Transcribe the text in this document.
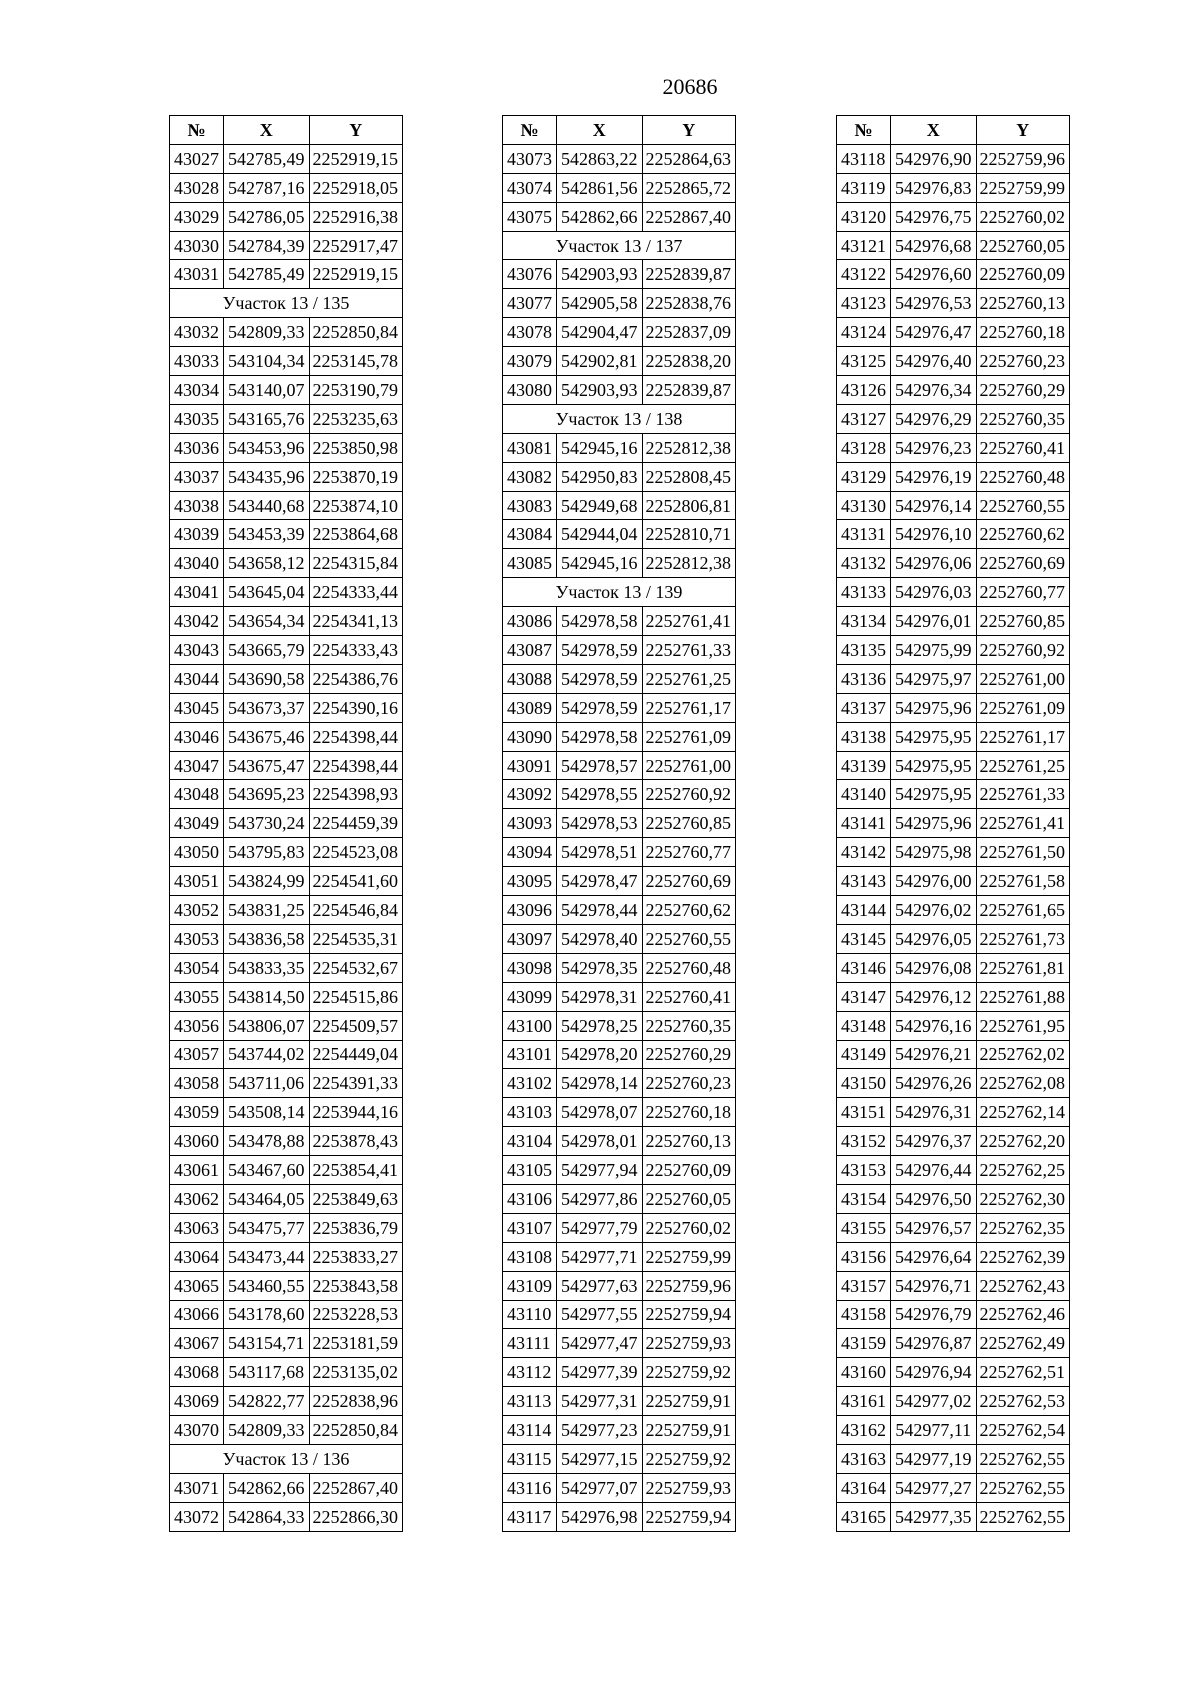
20686
№	X	Y
43027	542785,49	2252919,15
43028	542787,16	2252918,05
43029	542786,05	2252916,38
43030	542784,39	2252917,47
43031	542785,49	2252919,15
Участок 13 / 135		
43032	542809,33	2252850,84
43033	543104,34	2253145,78
43034	543140,07	2253190,79
43035	543165,76	2253235,63
43036	543453,96	2253850,98
43037	543435,96	2253870,19
43038	543440,68	2253874,10
43039	543453,39	2253864,68
43040	543658,12	2254315,84
43041	543645,04	2254333,44
43042	543654,34	2254341,13
43043	543665,79	2254333,43
43044	543690,58	2254386,76
43045	543673,37	2254390,16
43046	543675,46	2254398,44
43047	543675,47	2254398,44
43048	543695,23	2254398,93
43049	543730,24	2254459,39
43050	543795,83	2254523,08
43051	543824,99	2254541,60
43052	543831,25	2254546,84
43053	543836,58	2254535,31
43054	543833,35	2254532,67
43055	543814,50	2254515,86
43056	543806,07	2254509,57
43057	543744,02	2254449,04
43058	543711,06	2254391,33
43059	543508,14	2253944,16
43060	543478,88	2253878,43
43061	543467,60	2253854,41
43062	543464,05	2253849,63
43063	543475,77	2253836,79
43064	543473,44	2253833,27
43065	543460,55	2253843,58
43066	543178,60	2253228,53
43067	543154,71	2253181,59
43068	543117,68	2253135,02
43069	542822,77	2252838,96
43070	542809,33	2252850,84
Участок 13 / 136		
43071	542862,66	2252867,40
43072	542864,33	2252866,30
№	X	Y
43073	542863,22	2252864,63
43074	542861,56	2252865,72
43075	542862,66	2252867,40
Участок 13 / 137		
43076	542903,93	2252839,87
43077	542905,58	2252838,76
43078	542904,47	2252837,09
43079	542902,81	2252838,20
43080	542903,93	2252839,87
Участок 13 / 138		
43081	542945,16	2252812,38
43082	542950,83	2252808,45
43083	542949,68	2252806,81
43084	542944,04	2252810,71
43085	542945,16	2252812,38
Участок 13 / 139		
43086	542978,58	2252761,41
43087	542978,59	2252761,33
43088	542978,59	2252761,25
43089	542978,59	2252761,17
43090	542978,58	2252761,09
43091	542978,57	2252761,00
43092	542978,55	2252760,92
43093	542978,53	2252760,85
43094	542978,51	2252760,77
43095	542978,47	2252760,69
43096	542978,44	2252760,62
43097	542978,40	2252760,55
43098	542978,35	2252760,48
43099	542978,31	2252760,41
43100	542978,25	2252760,35
43101	542978,20	2252760,29
43102	542978,14	2252760,23
43103	542978,07	2252760,18
43104	542978,01	2252760,13
43105	542977,94	2252760,09
43106	542977,86	2252760,05
43107	542977,79	2252760,02
43108	542977,71	2252759,99
43109	542977,63	2252759,96
43110	542977,55	2252759,94
43111	542977,47	2252759,93
43112	542977,39	2252759,92
43113	542977,31	2252759,91
43114	542977,23	2252759,91
43115	542977,15	2252759,92
43116	542977,07	2252759,93
43117	542976,98	2252759,94
№	X	Y
43118	542976,90	2252759,96
43119	542976,83	2252759,99
43120	542976,75	2252760,02
43121	542976,68	2252760,05
43122	542976,60	2252760,09
43123	542976,53	2252760,13
43124	542976,47	2252760,18
43125	542976,40	2252760,23
43126	542976,34	2252760,29
43127	542976,29	2252760,35
43128	542976,23	2252760,41
43129	542976,19	2252760,48
43130	542976,14	2252760,55
43131	542976,10	2252760,62
43132	542976,06	2252760,69
43133	542976,03	2252760,77
43134	542976,01	2252760,85
43135	542975,99	2252760,92
43136	542975,97	2252761,00
43137	542975,96	2252761,09
43138	542975,95	2252761,17
43139	542975,95	2252761,25
43140	542975,95	2252761,33
43141	542975,96	2252761,41
43142	542975,98	2252761,50
43143	542976,00	2252761,58
43144	542976,02	2252761,65
43145	542976,05	2252761,73
43146	542976,08	2252761,81
43147	542976,12	2252761,88
43148	542976,16	2252761,95
43149	542976,21	2252762,02
43150	542976,26	2252762,08
43151	542976,31	2252762,14
43152	542976,37	2252762,20
43153	542976,44	2252762,25
43154	542976,50	2252762,30
43155	542976,57	2252762,35
43156	542976,64	2252762,39
43157	542976,71	2252762,43
43158	542976,79	2252762,46
43159	542976,87	2252762,49
43160	542976,94	2252762,51
43161	542977,02	2252762,53
43162	542977,11	2252762,54
43163	542977,19	2252762,55
43164	542977,27	2252762,55
43165	542977,35	2252762,55
